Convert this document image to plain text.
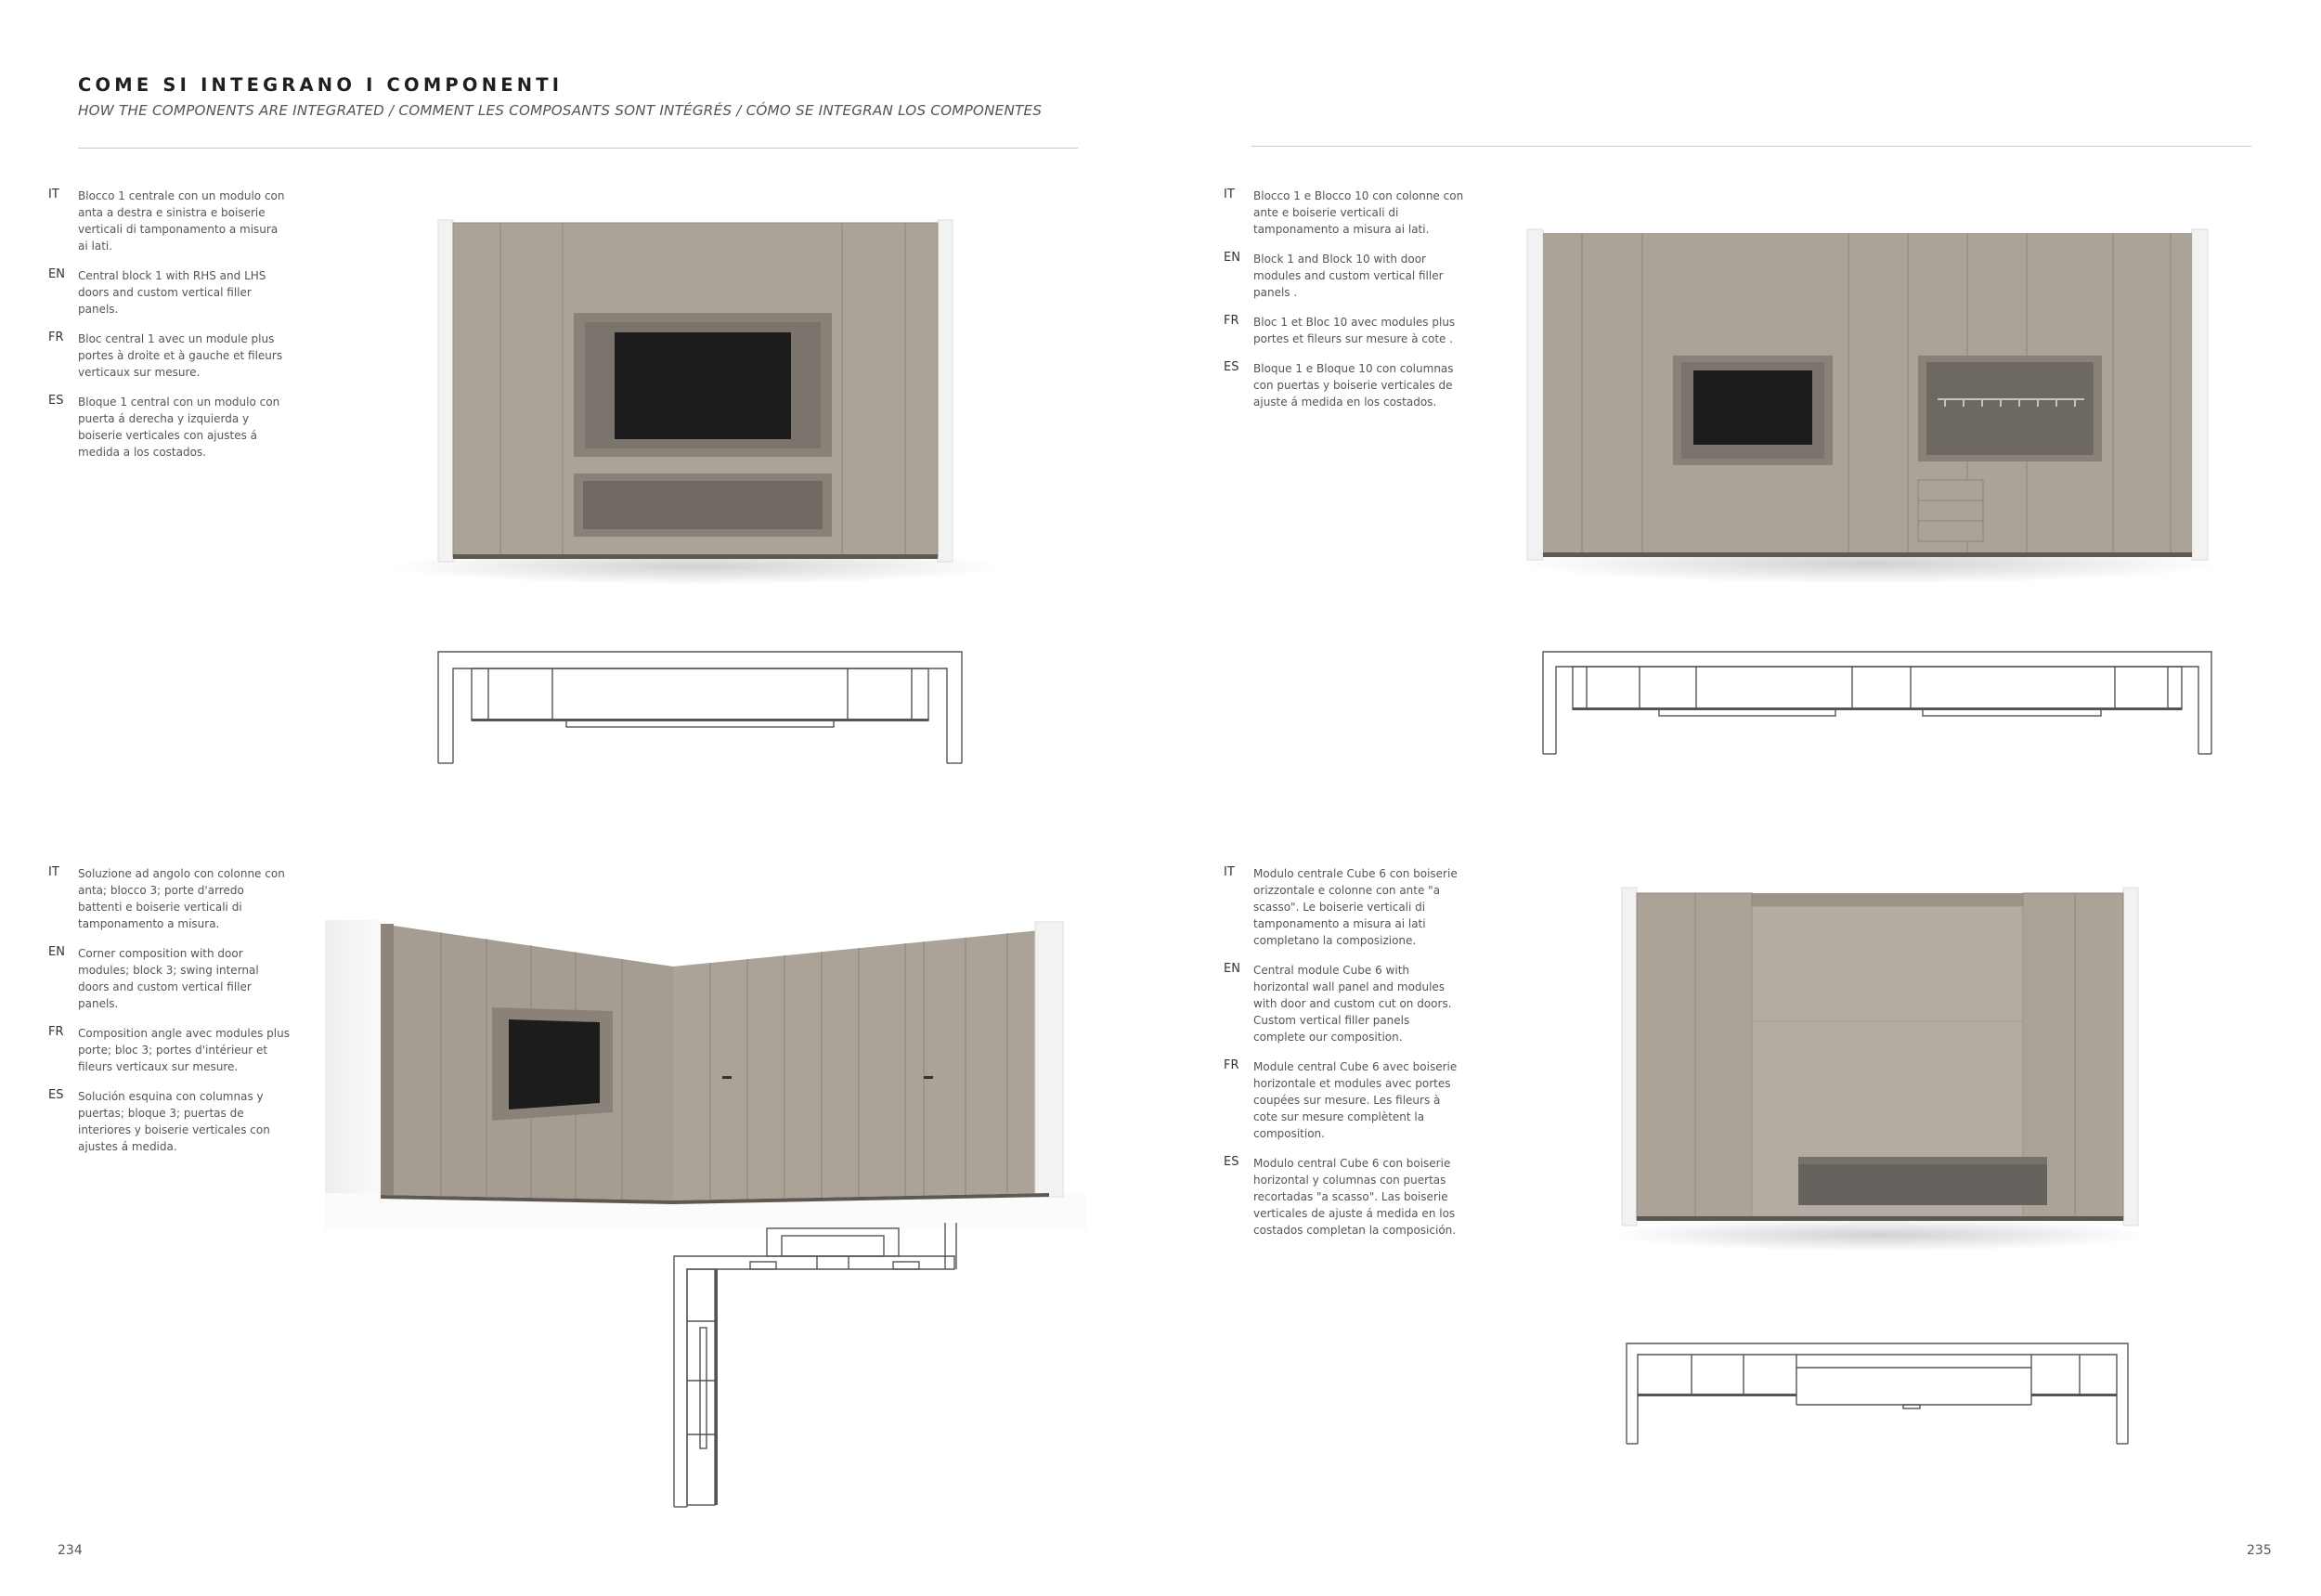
COME SI INTEGRANO I COMPONENTI

HOW THE COMPONENTS ARE INTEGRATED / COMMENT LES COMPOSANTS SONT INTÉGRÉS / CÓMO SE INTEGRAN LOS COMPONENTES

IT Blocco 1 centrale con un modulo con anta a destra e sinistra e boiserie verticali di tamponamento a misura ai lati.
EN Central block 1 with RHS and LHS doors and custom vertical filler panels.
FR Bloc central 1 avec un module plus portes à droite et à gauche et fileurs verticaux sur mesure.
ES Bloque 1 central con un modulo con puerta á derecha y izquierda y boiserie verticales con ajustes á medida a los costados.
IT Blocco 1 e Blocco 10 con colonne con ante e boiserie verticali di tamponamento a misura ai lati.
EN Block 1 and Block 10 with door modules and custom vertical filler panels .
FR Bloc 1 et Bloc 10 avec modules plus portes et fileurs sur mesure à cote .
ES Bloque 1 e Bloque 10 con columnas con puertas y boiserie verticales de ajuste á medida en los costados.
IT Soluzione ad angolo con colonne con anta; blocco 3; porte d'arredo battenti e boiserie verticali di tamponamento a misura.
EN Corner composition with door modules; block 3; swing internal doors and custom vertical filler panels.
FR Composition angle avec modules plus porte; bloc 3; portes d'intérieur et fileurs verticaux sur mesure.
ES Solución esquina con columnas y puertas; bloque 3; puertas de interiores y boiserie verticales con ajustes á medida.
IT Modulo centrale Cube 6 con boiserie orizzontale e colonne con ante "a scasso". Le boiserie verticali di tamponamento a misura ai lati completano la composizione.
EN Central module Cube 6 with horizontal wall panel and modules with door and custom cut on doors. Custom vertical filler panels complete our composition.
FR Module central Cube 6 avec boiserie horizontale et modules avec portes coupées sur mesure. Les fileurs à cote sur mesure complètent la composition.
ES Modulo central Cube 6 con boiserie horizontal y columnas con puertas recortadas "a scasso". Las boiserie verticales de ajuste á medida en los costados completan la composición.
234	235
